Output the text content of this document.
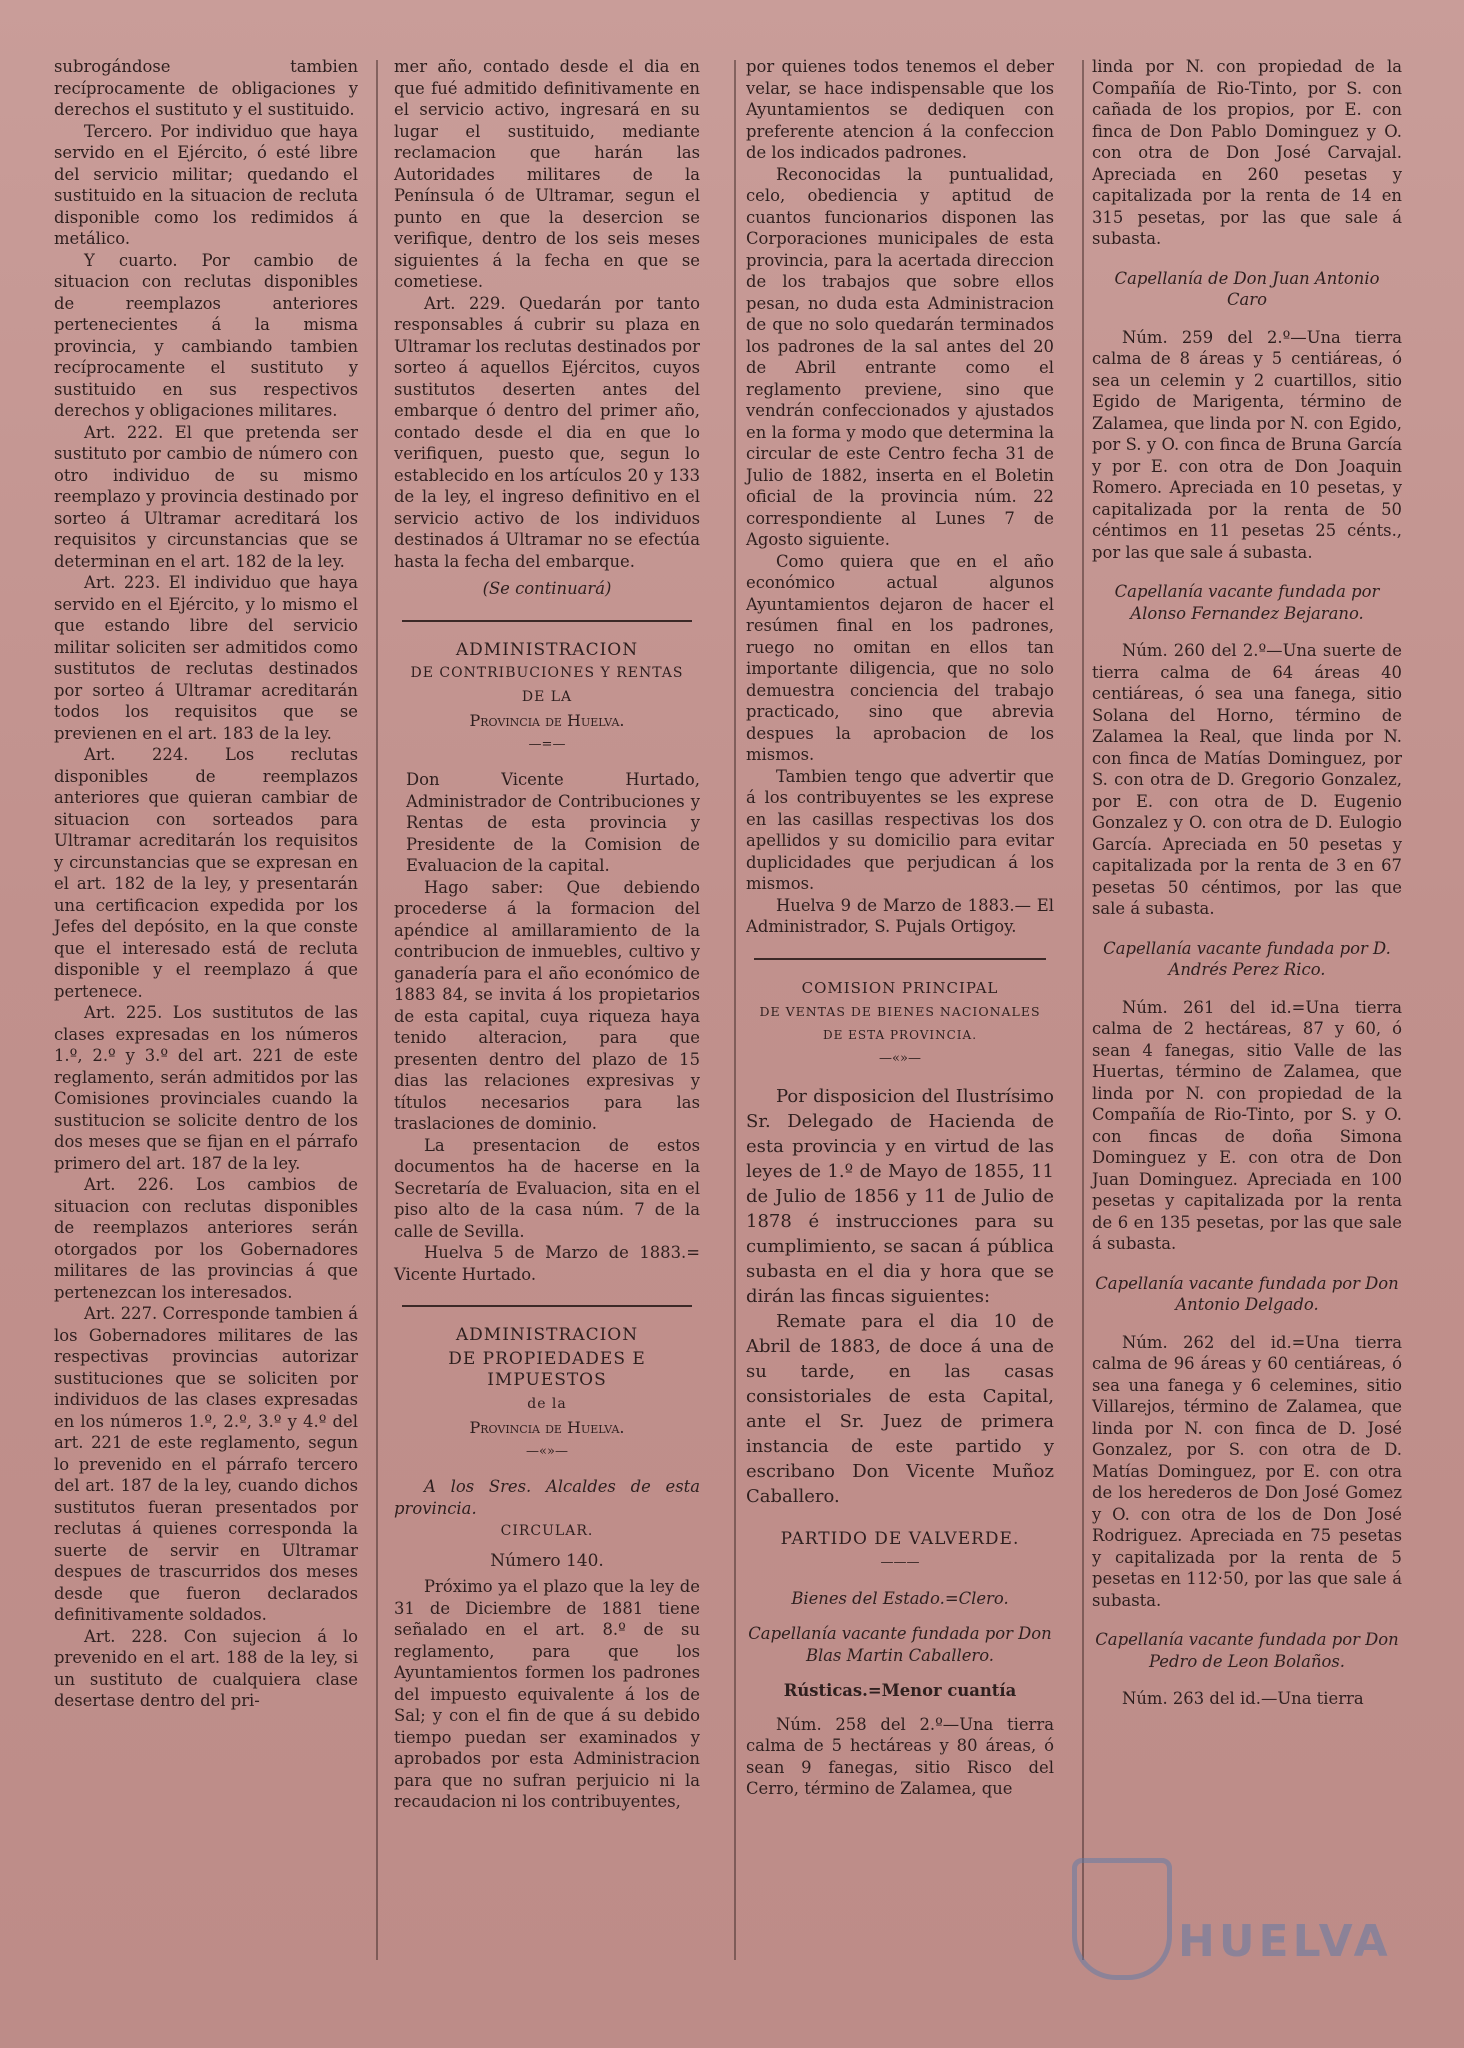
subrogándose tambien recíprocamente de obligaciones y derechos el sustituto y el sustituido.

Tercero. Por individuo que haya servido en el Ejército, ó esté libre del servicio militar; quedando el sustituido en la situacion de recluta disponible como los redimidos á metálico.

Y cuarto. Por cambio de situacion con reclutas disponibles de reemplazos anteriores pertenecientes á la misma provincia, y cambiando tambien recíprocamente el sustituto y sustituido en sus respectivos derechos y obligaciones militares.

Art. 222. El que pretenda ser sustituto por cambio de número con otro individuo de su mismo reemplazo y provincia destinado por sorteo á Ultramar acreditará los requisitos y circunstancias que se determinan en el art. 182 de la ley.

Art. 223. El individuo que haya servido en el Ejército, y lo mismo el que estando libre del servicio militar soliciten ser admitidos como sustitutos de reclutas destinados por sorteo á Ultramar acreditarán todos los requisitos que se previenen en el art. 183 de la ley.

Art. 224. Los reclutas disponibles de reemplazos anteriores que quieran cambiar de situacion con sorteados para Ultramar acreditarán los requisitos y circunstancias que se expresan en el art. 182 de la ley, y presentarán una certificacion expedida por los Jefes del depósito, en la que conste que el interesado está de recluta disponible y el reemplazo á que pertenece.

Art. 225. Los sustitutos de las clases expresadas en los números 1.º, 2.º y 3.º del art. 221 de este reglamento, serán admitidos por las Comisiones provinciales cuando la sustitucion se solicite dentro de los dos meses que se fijan en el párrafo primero del art. 187 de la ley.

Art. 226. Los cambios de situacion con reclutas disponibles de reemplazos anteriores serán otorgados por los Gobernadores militares de las provincias á que pertenezcan los interesados.

Art. 227. Corresponde tambien á los Gobernadores militares de las respectivas provincias autorizar sustituciones que se soliciten por individuos de las clases expresadas en los números 1.º, 2.º, 3.º y 4.º del art. 221 de este reglamento, segun lo prevenido en el párrafo tercero del art. 187 de la ley, cuando dichos sustitutos fueran presentados por reclutas á quienes corresponda la suerte de servir en Ultramar despues de trascurridos dos meses desde que fueron declarados definitivamente soldados.

Art. 228. Con sujecion á lo prevenido en el art. 188 de la ley, si un sustituto de cualquiera clase desertase dentro del pri-

mer año, contado desde el dia en que fué admitido definitivamente en el servicio activo, ingresará en su lugar el sustituido, mediante reclamacion que harán las Autoridades militares de la Península ó de Ultramar, segun el punto en que la desercion se verifique, dentro de los seis meses siguientes á la fecha en que se cometiese.

Art. 229. Quedarán por tanto responsables á cubrir su plaza en Ultramar los reclutas destinados por sorteo á aquellos Ejércitos, cuyos sustitutos deserten antes del embarque ó dentro del primer año, contado desde el dia en que lo verifiquen, puesto que, segun lo establecido en los artículos 20 y 133 de la ley, el ingreso definitivo en el servicio activo de los individuos destinados á Ultramar no se efectúa hasta la fecha del embarque.

(Se continuará)

ADMINISTRACION
DE CONTRIBUCIONES Y RENTAS
DE LA
Provincia de Huelva.
—=—

Don Vicente Hurtado, Administrador de Contribuciones y Rentas de esta provincia y Presidente de la Comision de Evaluacion de la capital.

Hago saber: Que debiendo procederse á la formacion del apéndice al amillaramiento de la contribucion de inmuebles, cultivo y ganadería para el año económico de 1883 84, se invita á los propietarios de esta capital, cuya riqueza haya tenido alteracion, para que presenten dentro del plazo de 15 dias las relaciones expresivas y títulos necesarios para las traslaciones de dominio.

La presentacion de estos documentos ha de hacerse en la Secretaría de Evaluacion, sita en el piso alto de la casa núm. 7 de la calle de Sevilla.

Huelva 5 de Marzo de 1883.= Vicente Hurtado.

ADMINISTRACION
DE PROPIEDADES E IMPUESTOS
de la
Provincia de Huelva.
—«»—

A los Sres. Alcaldes de esta provincia.

CIRCULAR.
Número 140.

Próximo ya el plazo que la ley de 31 de Diciembre de 1881 tiene señalado en el art. 8.º de su reglamento, para que los Ayuntamientos formen los padrones del impuesto equivalente á los de Sal; y con el fin de que á su debido tiempo puedan ser examinados y aprobados por esta Administracion para que no sufran perjuicio ni la recaudacion ni los contribuyentes,

por quienes todos tenemos el deber velar, se hace indispensable que los Ayuntamientos se dediquen con preferente atencion á la confeccion de los indicados padrones.

Reconocidas la puntualidad, celo, obediencia y aptitud de cuantos funcionarios disponen las Corporaciones municipales de esta provincia, para la acertada direccion de los trabajos que sobre ellos pesan, no duda esta Administracion de que no solo quedarán terminados los padrones de la sal antes del 20 de Abril entrante como el reglamento previene, sino que vendrán confeccionados y ajustados en la forma y modo que determina la circular de este Centro fecha 31 de Julio de 1882, inserta en el Boletin oficial de la provincia núm. 22 correspondiente al Lunes 7 de Agosto siguiente.

Como quiera que en el año económico actual algunos Ayuntamientos dejaron de hacer el resúmen final en los padrones, ruego no omitan en ellos tan importante diligencia, que no solo demuestra conciencia del trabajo practicado, sino que abrevia despues la aprobacion de los mismos.

Tambien tengo que advertir que á los contribuyentes se les exprese en las casillas respectivas los dos apellidos y su domicilio para evitar duplicidades que perjudican á los mismos.

Huelva 9 de Marzo de 1883.— El Administrador, S. Pujals Ortigoy.

COMISION PRINCIPAL
DE VENTAS DE BIENES NACIONALES
DE ESTA PROVINCIA.
—«»—

Por disposicion del Ilustrísimo Sr. Delegado de Hacienda de esta provincia y en virtud de las leyes de 1.º de Mayo de 1855, 11 de Julio de 1856 y 11 de Julio de 1878 é instrucciones para su cumplimiento, se sacan á pública subasta en el dia y hora que se dirán las fincas siguientes:

Remate para el dia 10 de Abril de 1883, de doce á una de su tarde, en las casas consistoriales de esta Capital, ante el Sr. Juez de primera instancia de este partido y escribano Don Vicente Muñoz Caballero.

PARTIDO DE VALVERDE.
———
Bienes del Estado.=Clero.
Capellanía vacante fundada por Don Blas Martin Caballero.
Rústicas.=Menor cuantía

Núm. 258 del 2.º—Una tierra calma de 5 hectáreas y 80 áreas, ó sean 9 fanegas, sitio Risco del Cerro, término de Zalamea, que

linda por N. con propiedad de la Compañía de Rio-Tinto, por S. con cañada de los propios, por E. con finca de Don Pablo Dominguez y O. con otra de Don José Carvajal. Apreciada en 260 pesetas y capitalizada por la renta de 14 en 315 pesetas, por las que sale á subasta.

Capellanía de Don Juan Antonio Caro

Núm. 259 del 2.º—Una tierra calma de 8 áreas y 5 centiáreas, ó sea un celemin y 2 cuartillos, sitio Egido de Marigenta, término de Zalamea, que linda por N. con Egido, por S. y O. con finca de Bruna García y por E. con otra de Don Joaquin Romero. Apreciada en 10 pesetas, y capitalizada por la renta de 50 céntimos en 11 pesetas 25 cénts., por las que sale á subasta.

Capellanía vacante fundada por Alonso Fernandez Bejarano.

Núm. 260 del 2.º—Una suerte de tierra calma de 64 áreas 40 centiáreas, ó sea una fanega, sitio Solana del Horno, término de Zalamea la Real, que linda por N. con finca de Matías Dominguez, por S. con otra de D. Gregorio Gonzalez, por E. con otra de D. Eugenio Gonzalez y O. con otra de D. Eulogio García. Apreciada en 50 pesetas y capitalizada por la renta de 3 en 67 pesetas 50 céntimos, por las que sale á subasta.

Capellanía vacante fundada por D. Andrés Perez Rico.

Núm. 261 del id.=Una tierra calma de 2 hectáreas, 87 y 60, ó sean 4 fanegas, sitio Valle de las Huertas, término de Zalamea, que linda por N. con propiedad de la Compañía de Rio-Tinto, por S. y O. con fincas de doña Simona Dominguez y E. con otra de Don Juan Dominguez. Apreciada en 100 pesetas y capitalizada por la renta de 6 en 135 pesetas, por las que sale á subasta.

Capellanía vacante fundada por Don Antonio Delgado.

Núm. 262 del id.=Una tierra calma de 96 áreas y 60 centiáreas, ó sea una fanega y 6 celemines, sitio Villarejos, término de Zalamea, que linda por N. con finca de D. José Gonzalez, por S. con otra de D. Matías Dominguez, por E. con otra de los herederos de Don José Gomez y O. con otra de los de Don José Rodriguez. Apreciada en 75 pesetas y capitalizada por la renta de 5 pesetas en 112·50, por las que sale á subasta.

Capellanía vacante fundada por Don Pedro de Leon Bolaños.

Núm. 263 del id.—Una tierra

HUELVA
